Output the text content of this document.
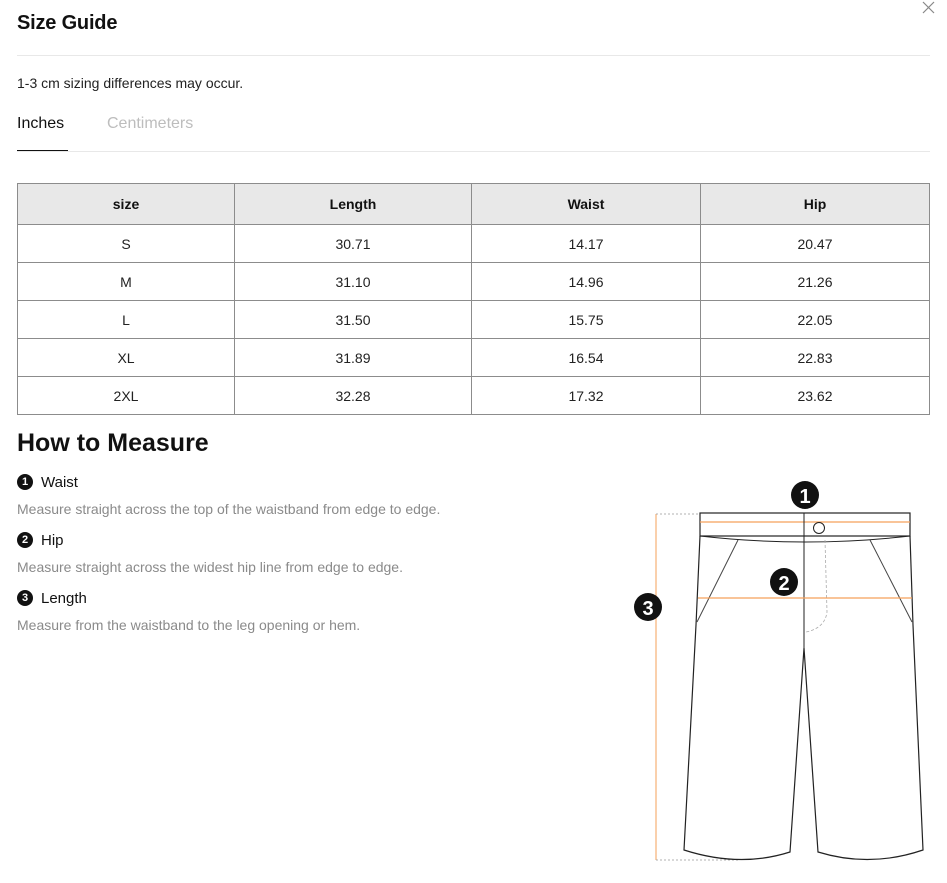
Size Guide
1-3 cm sizing differences may occur.
Inches	Centimeters
size	Length	Waist	Hip
S	30.71	14.17	20.47
M	31.10	14.96	21.26
L	31.50	15.75	22.05
XL	31.89	16.54	22.83
2XL	32.28	17.32	23.62
How to Measure
1 Waist
Measure straight across the top of the waistband from edge to edge.
2 Hip
Measure straight across the widest hip line from edge to edge.
3 Length
Measure from the waistband to the leg opening or hem.
1
2
3
